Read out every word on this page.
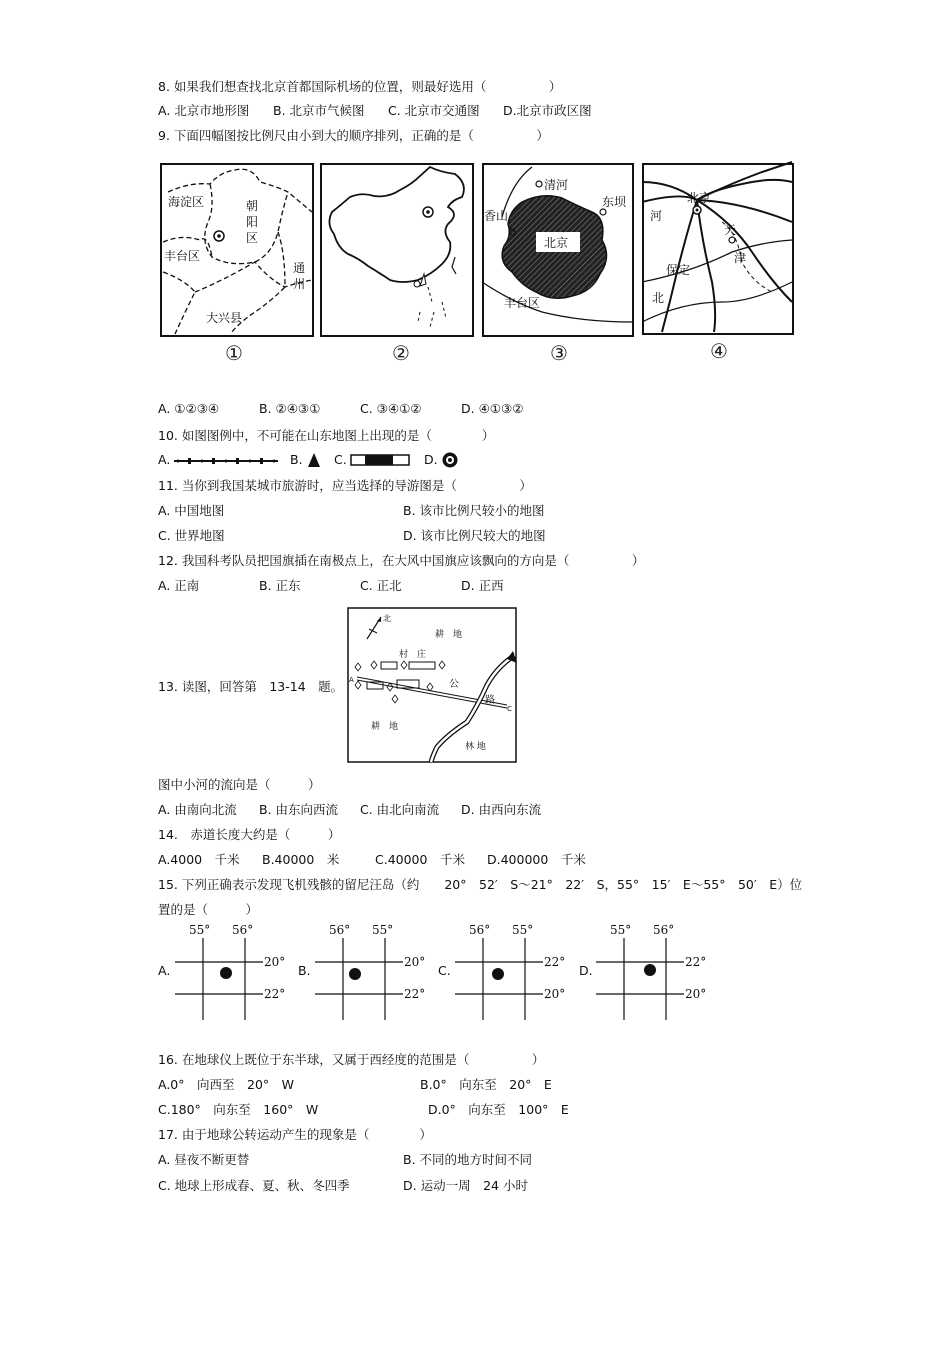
8. 如果我们想查找北京首都国际机场的位置，则最好选用（　　　　　）
A. 北京市地形图 B. 北京市气候图 C. 北京市交通图 D.北京市政区图
9. 下面四幅图按比例尺由小到大的顺序排列，正确的是（　　　　　）
海淀区	朝
阳
区
丰台区
通
州
大兴县
①	②
清河
香山
东坝
北京
丰台区
③
北京
河
天
津
保定
北
④
A. ①②③④	B. ②④③①	C. ③④①②	D. ④①③②
10. 如图图例中，不可能在山东地图上出现的是（　　　　）
A.	B.	C.	D.
11. 当你到我国某城市旅游时，应当选择的导游图是（　　　　　）
A. 中国地图	B. 该市比例尺较小的地图
C. 世界地图	D. 该市比例尺较大的地图
12. 我国科考队员把国旗插在南极点上，在大风中国旗应该飘向的方向是（　　　　　）
A. 正南	B. 正东	C. 正北	D. 正西
13. 读图，回答第　13-14　题。
北
耕　地
村　庄
公
路
耕　地
林 地
A
C
图中小河的流向是（　　　）
A. 由南向北流 B. 由东向西流 C. 由北向南流 D. 由西向东流
14.　赤道长度大约是（　　　）
A.4000　千米 B.40000　米	C.40000　千米 D.400000　千米
15. 下列正确表示发现飞机残骸的留尼汪岛（约　　20°　52′　S～21°　22′　S，55°　15′　E～55°　50′　E）位
置的是（　　　）
A.
55° 56°
20°
22°
B.
56° 55°
20°
22°
C.
56° 55°
22°
20°
D.
55° 56°
22°
20°
16. 在地球仪上既位于东半球，又属于西经度的范围是（　　　　　）
A.0°　向西至　20°　W	B.0°　向东至　20°　E
C.180°　向东至　160°　W	D.0°　向东至　100°　E
17. 由于地球公转运动产生的现象是（　　　　）
A. 昼夜不断更替	B. 不同的地方时间不同
C. 地球上形成春、夏、秋、冬四季	D. 运动一周　24 小时
